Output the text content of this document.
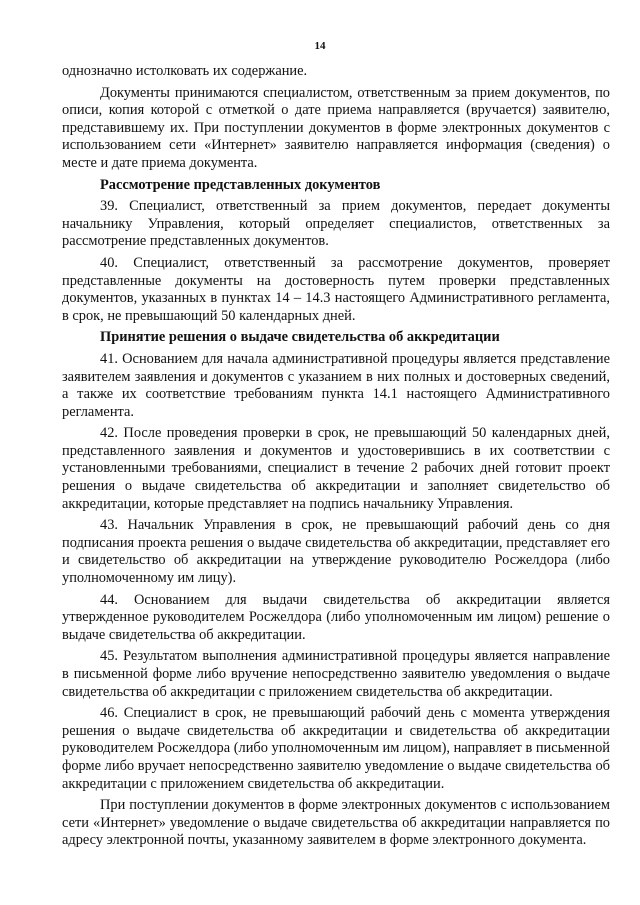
14

однозначно истолковать их содержание.

Документы принимаются специалистом, ответственным за прием документов, по описи, копия которой с отметкой о дате приема направляется (вручается) заявителю, представившему их. При поступлении документов в форме электронных документов с использованием сети «Интернет» заявителю направляется информация (сведения) о месте и дате приема документа.

Рассмотрение представленных документов

39. Специалист, ответственный за прием документов, передает документы начальнику Управления, который определяет специалистов, ответственных за рассмотрение представленных документов.

40. Специалист, ответственный за рассмотрение документов, проверяет представленные документы на достоверность путем проверки представленных документов, указанных в пунктах 14 – 14.3 настоящего Административного регламента, в срок, не превышающий 50 календарных дней.

Принятие решения о выдаче свидетельства об аккредитации

41. Основанием для начала административной процедуры является представление заявителем заявления и документов с указанием в них полных и достоверных сведений, а также их соответствие требованиям пункта 14.1 настоящего Административного регламента.

42. После проведения проверки в срок, не превышающий 50 календарных дней, представленного заявления и документов и удостоверившись в их соответствии с установленными требованиями, специалист в течение 2 рабочих дней готовит проект решения о выдаче свидетельства об аккредитации и заполняет свидетельство об аккредитации, которые представляет на подпись начальнику Управления.

43. Начальник Управления в срок, не превышающий рабочий день со дня подписания проекта решения о выдаче свидетельства об аккредитации, представляет его и свидетельство об аккредитации на утверждение руководителю Росжелдора (либо уполномоченному им лицу).

44. Основанием для выдачи свидетельства об аккредитации является утвержденное руководителем Росжелдора (либо уполномоченным им лицом) решение о выдаче свидетельства об аккредитации.

45. Результатом выполнения административной процедуры является направление в письменной форме либо вручение непосредственно заявителю уведомления о выдаче свидетельства об аккредитации с приложением свидетельства об аккредитации.

46. Специалист в срок, не превышающий рабочий день с момента утверждения решения о выдаче свидетельства об аккредитации и свидетельства об аккредитации руководителем Росжелдора (либо уполномоченным им лицом), направляет в письменной форме либо вручает непосредственно заявителю уведомление о выдаче свидетельства об аккредитации с приложением свидетельства об аккредитации.

При поступлении документов в форме электронных документов с использованием сети «Интернет» уведомление о выдаче свидетельства об аккредитации направляется по адресу электронной почты, указанному заявителем в форме электронного документа.
